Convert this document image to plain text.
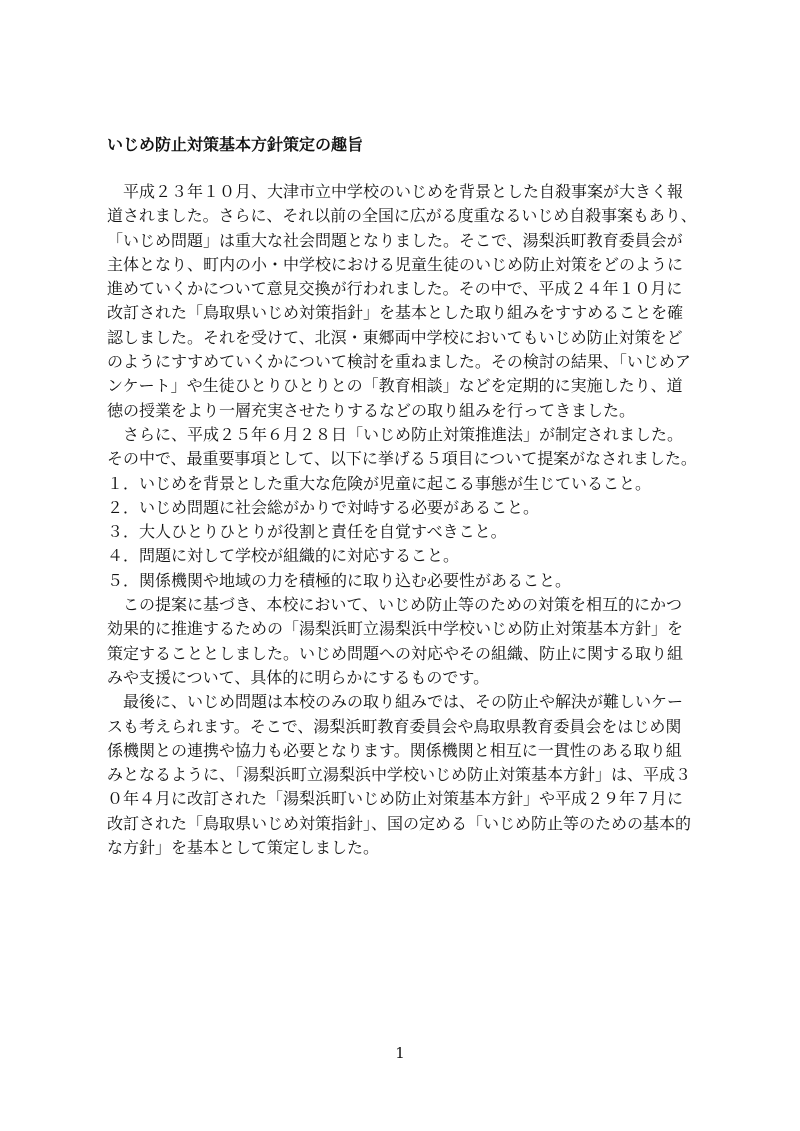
いじめ防止対策基本方針策定の趣旨
　平成２３年１０月、大津市立中学校のいじめを背景とした自殺事案が大きく報
道されました。さらに、それ以前の全国に広がる度重なるいじめ自殺事案もあり、
「いじめ問題」は重大な社会問題となりました。そこで、湯梨浜町教育委員会が
主体となり、町内の小・中学校における児童生徒のいじめ防止対策をどのように
進めていくかについて意見交換が行われました。その中で、平成２４年１０月に
改訂された「鳥取県いじめ対策指針」を基本とした取り組みをすすめることを確
認しました。それを受けて、北溟・東郷両中学校においてもいじめ防止対策をど
のようにすすめていくかについて検討を重ねました。その検討の結果、「いじめア
ンケート」や生徒ひとりひとりとの「教育相談」などを定期的に実施したり、道
徳の授業をより一層充実させたりするなどの取り組みを行ってきました。
　さらに、平成２５年６月２８日「いじめ防止対策推進法」が制定されました。
その中で、最重要事項として、以下に挙げる５項目について提案がなされました。
１．いじめを背景とした重大な危険が児童に起こる事態が生じていること。
２．いじめ問題に社会総がかりで対峙する必要があること。
３．大人ひとりひとりが役割と責任を自覚すべきこと。
４．問題に対して学校が組織的に対応すること。
５．関係機関や地域の力を積極的に取り込む必要性があること。
　この提案に基づき、本校において、いじめ防止等のための対策を相互的にかつ
効果的に推進するための「湯梨浜町立湯梨浜中学校いじめ防止対策基本方針」を
策定することとしました。いじめ問題への対応やその組織、防止に関する取り組
みや支援について、具体的に明らかにするものです。
　最後に、いじめ問題は本校のみの取り組みでは、その防止や解決が難しいケー
スも考えられます。そこで、湯梨浜町教育委員会や鳥取県教育委員会をはじめ関
係機関との連携や協力も必要となります。関係機関と相互に一貫性のある取り組
みとなるように、「湯梨浜町立湯梨浜中学校いじめ防止対策基本方針」は、平成３
０年４月に改訂された「湯梨浜町いじめ防止対策基本方針」や平成２９年７月に
改訂された「鳥取県いじめ対策指針」、国の定める「いじめ防止等のための基本的
な方針」を基本として策定しました。
1
